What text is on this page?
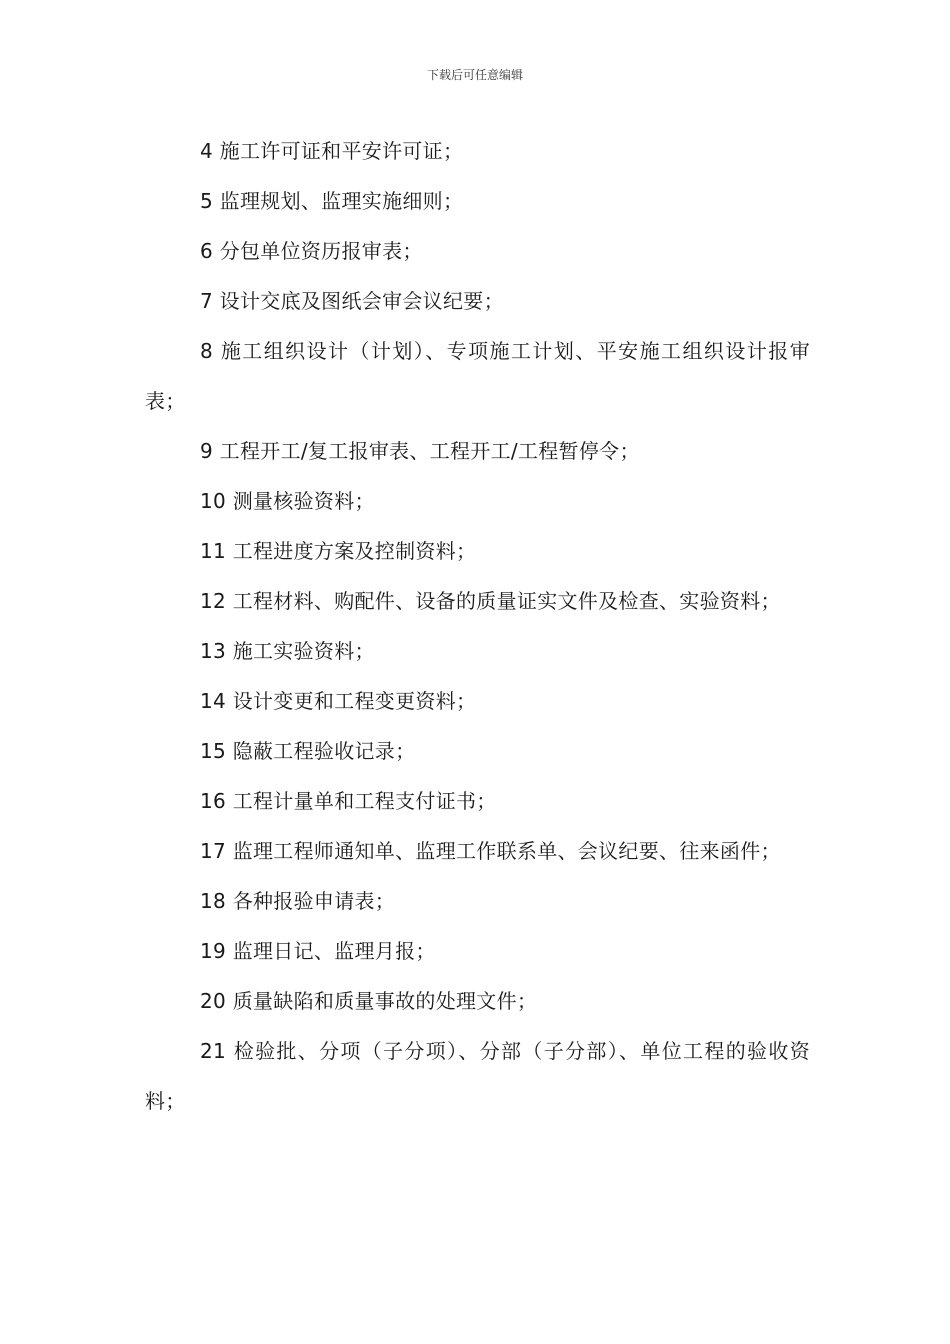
下载后可任意编辑
4 施工许可证和平安许可证；
5 监理规划、监理实施细则；
6 分包单位资历报审表；
7 设计交底及图纸会审会议纪要；
8 施工组织设计（计划）、专项施工计划、平安施工组织设计报审表；
9 工程开工/复工报审表、工程开工/工程暂停令；
10 测量核验资料；
11 工程进度方案及控制资料；
12 工程材料、购配件、设备的质量证实文件及检查、实验资料；
13 施工实验资料；
14 设计变更和工程变更资料；
15 隐蔽工程验收记录；
16 工程计量单和工程支付证书；
17 监理工程师通知单、监理工作联系单、会议纪要、往来函件；
18 各种报验申请表；
19 监理日记、监理月报；
20 质量缺陷和质量事故的处理文件；
21 检验批、分项（子分项）、分部（子分部）、单位工程的验收资料；
